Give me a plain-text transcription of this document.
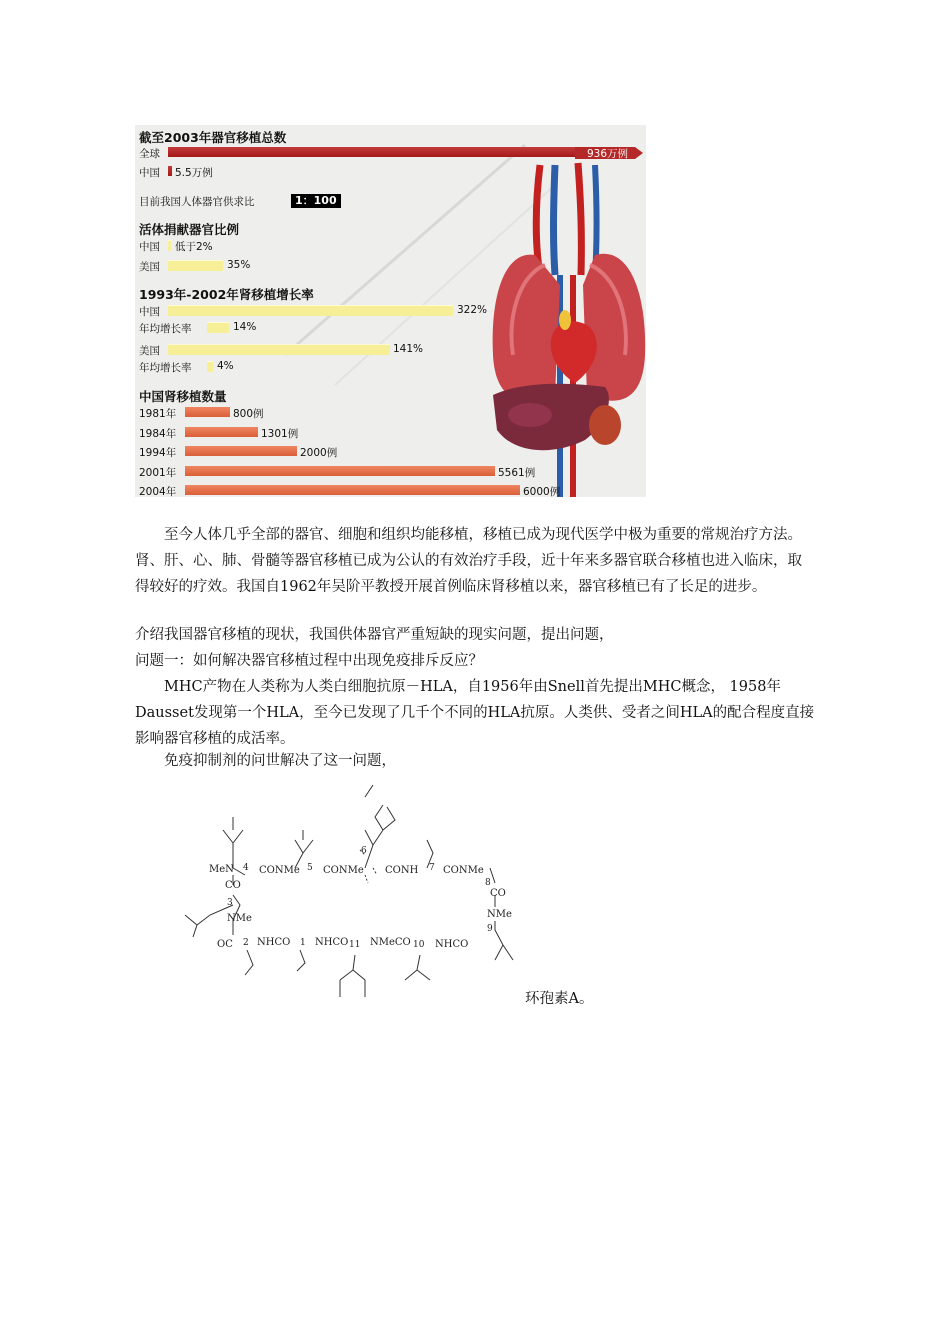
截至2003年器官移植总数
全球	936万例
中国 5.5万例
目前我国人体器官供求比	1：100
活体捐献器官比例
中国 低于2%
美国	35%
1993年-2002年肾移植增长率
中国	322%
年均增长率	14%
美国	141%
年均增长率 4%
中国肾移植数量
1981年	800例
1984年	1301例
1994年	2000例
2001年	5561例
2004年	6000例

至今人体几乎全部的器官、细胞和组织均能移植，移植已成为现代医学中极为重要的常规治疗方法。肾、肝、心、肺、骨髓等器官移植已成为公认的有效治疗手段，近十年来多器官联合移植也进入临床，取得较好的疗效。我国自1962年吴阶平教授开展首例临床肾移植以来，器官移植已有了长足的进步。

介绍我国器官移植的现状，我国供体器官严重短缺的现实问题，提出问题，

问题一：如何解决器官移植过程中出现免疫排斥反应？

MHC产物在人类称为人类白细胞抗原－HLA，自1956年由Snell首先提出MHC概念， 1958年Dausset发现第一个HLA，至今已发现了几千个不同的HLA抗原。人类供、受者之间HLA的配合程度直接影响器官移植的成活率。

免疫抑制剂的问世解决了这一问题，

MeN
CO
NMe
OC
CONMe CONMe CONH CONMe
CO
NMe
NHCO NHCO NMeCO NHCO
1
2
3
4	5
6
7
8
9
10
11
环孢素A。
